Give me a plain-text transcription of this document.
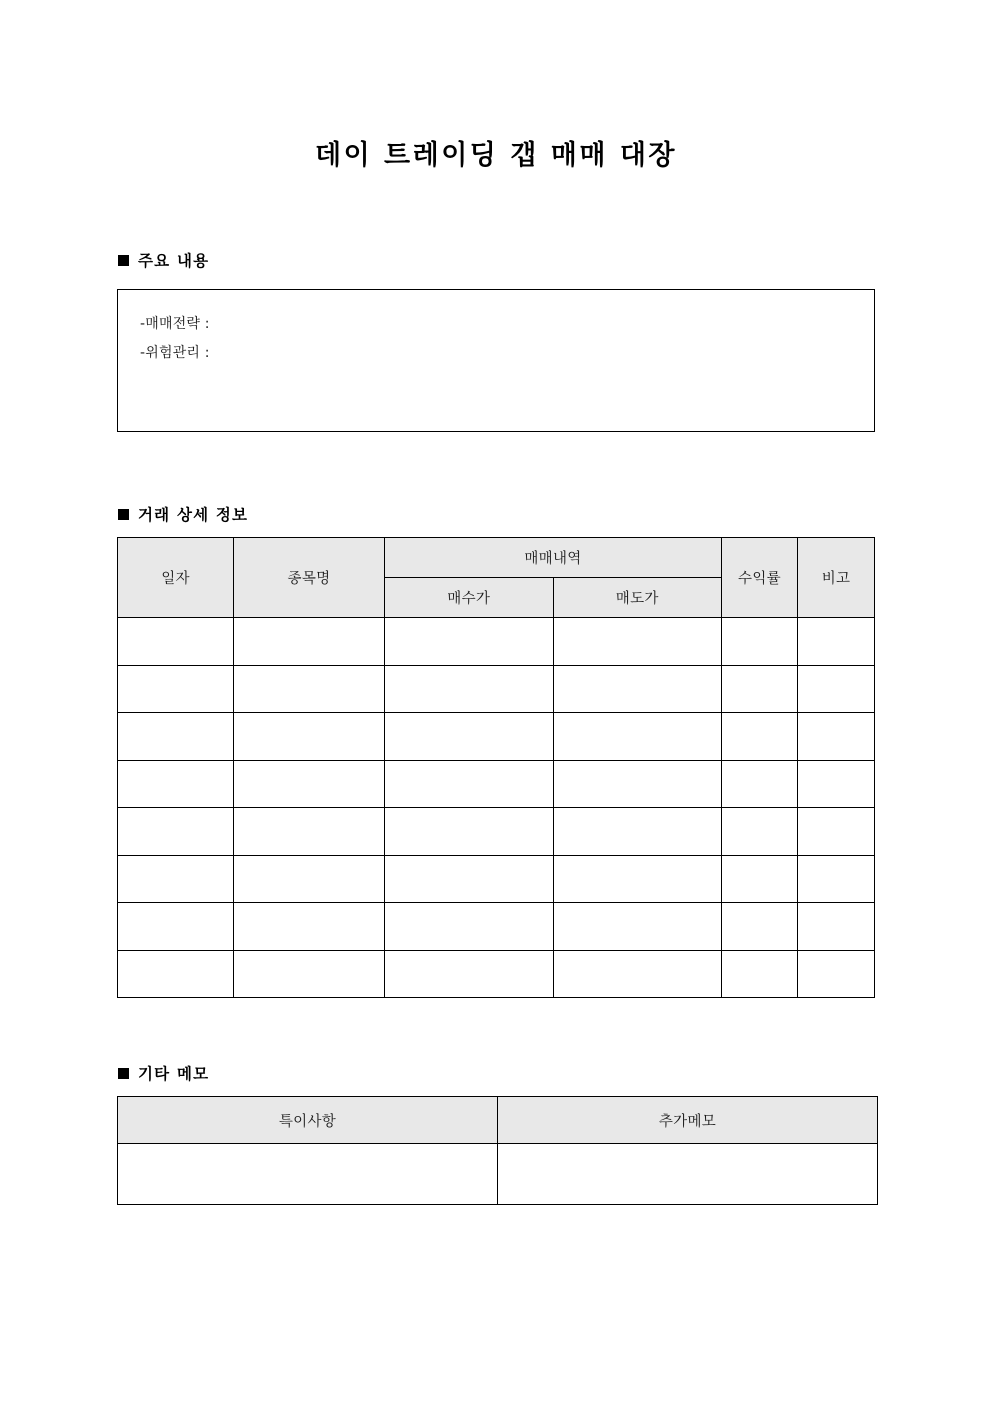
데이 트레이딩 갭 매매 대장
주요 내용
-매매전략 :
-위험관리 :
거래 상세 정보
일자	종목명	매매내역		수익률	비고
		매수가	매도가		

기타 메모
특이사항	추가메모
